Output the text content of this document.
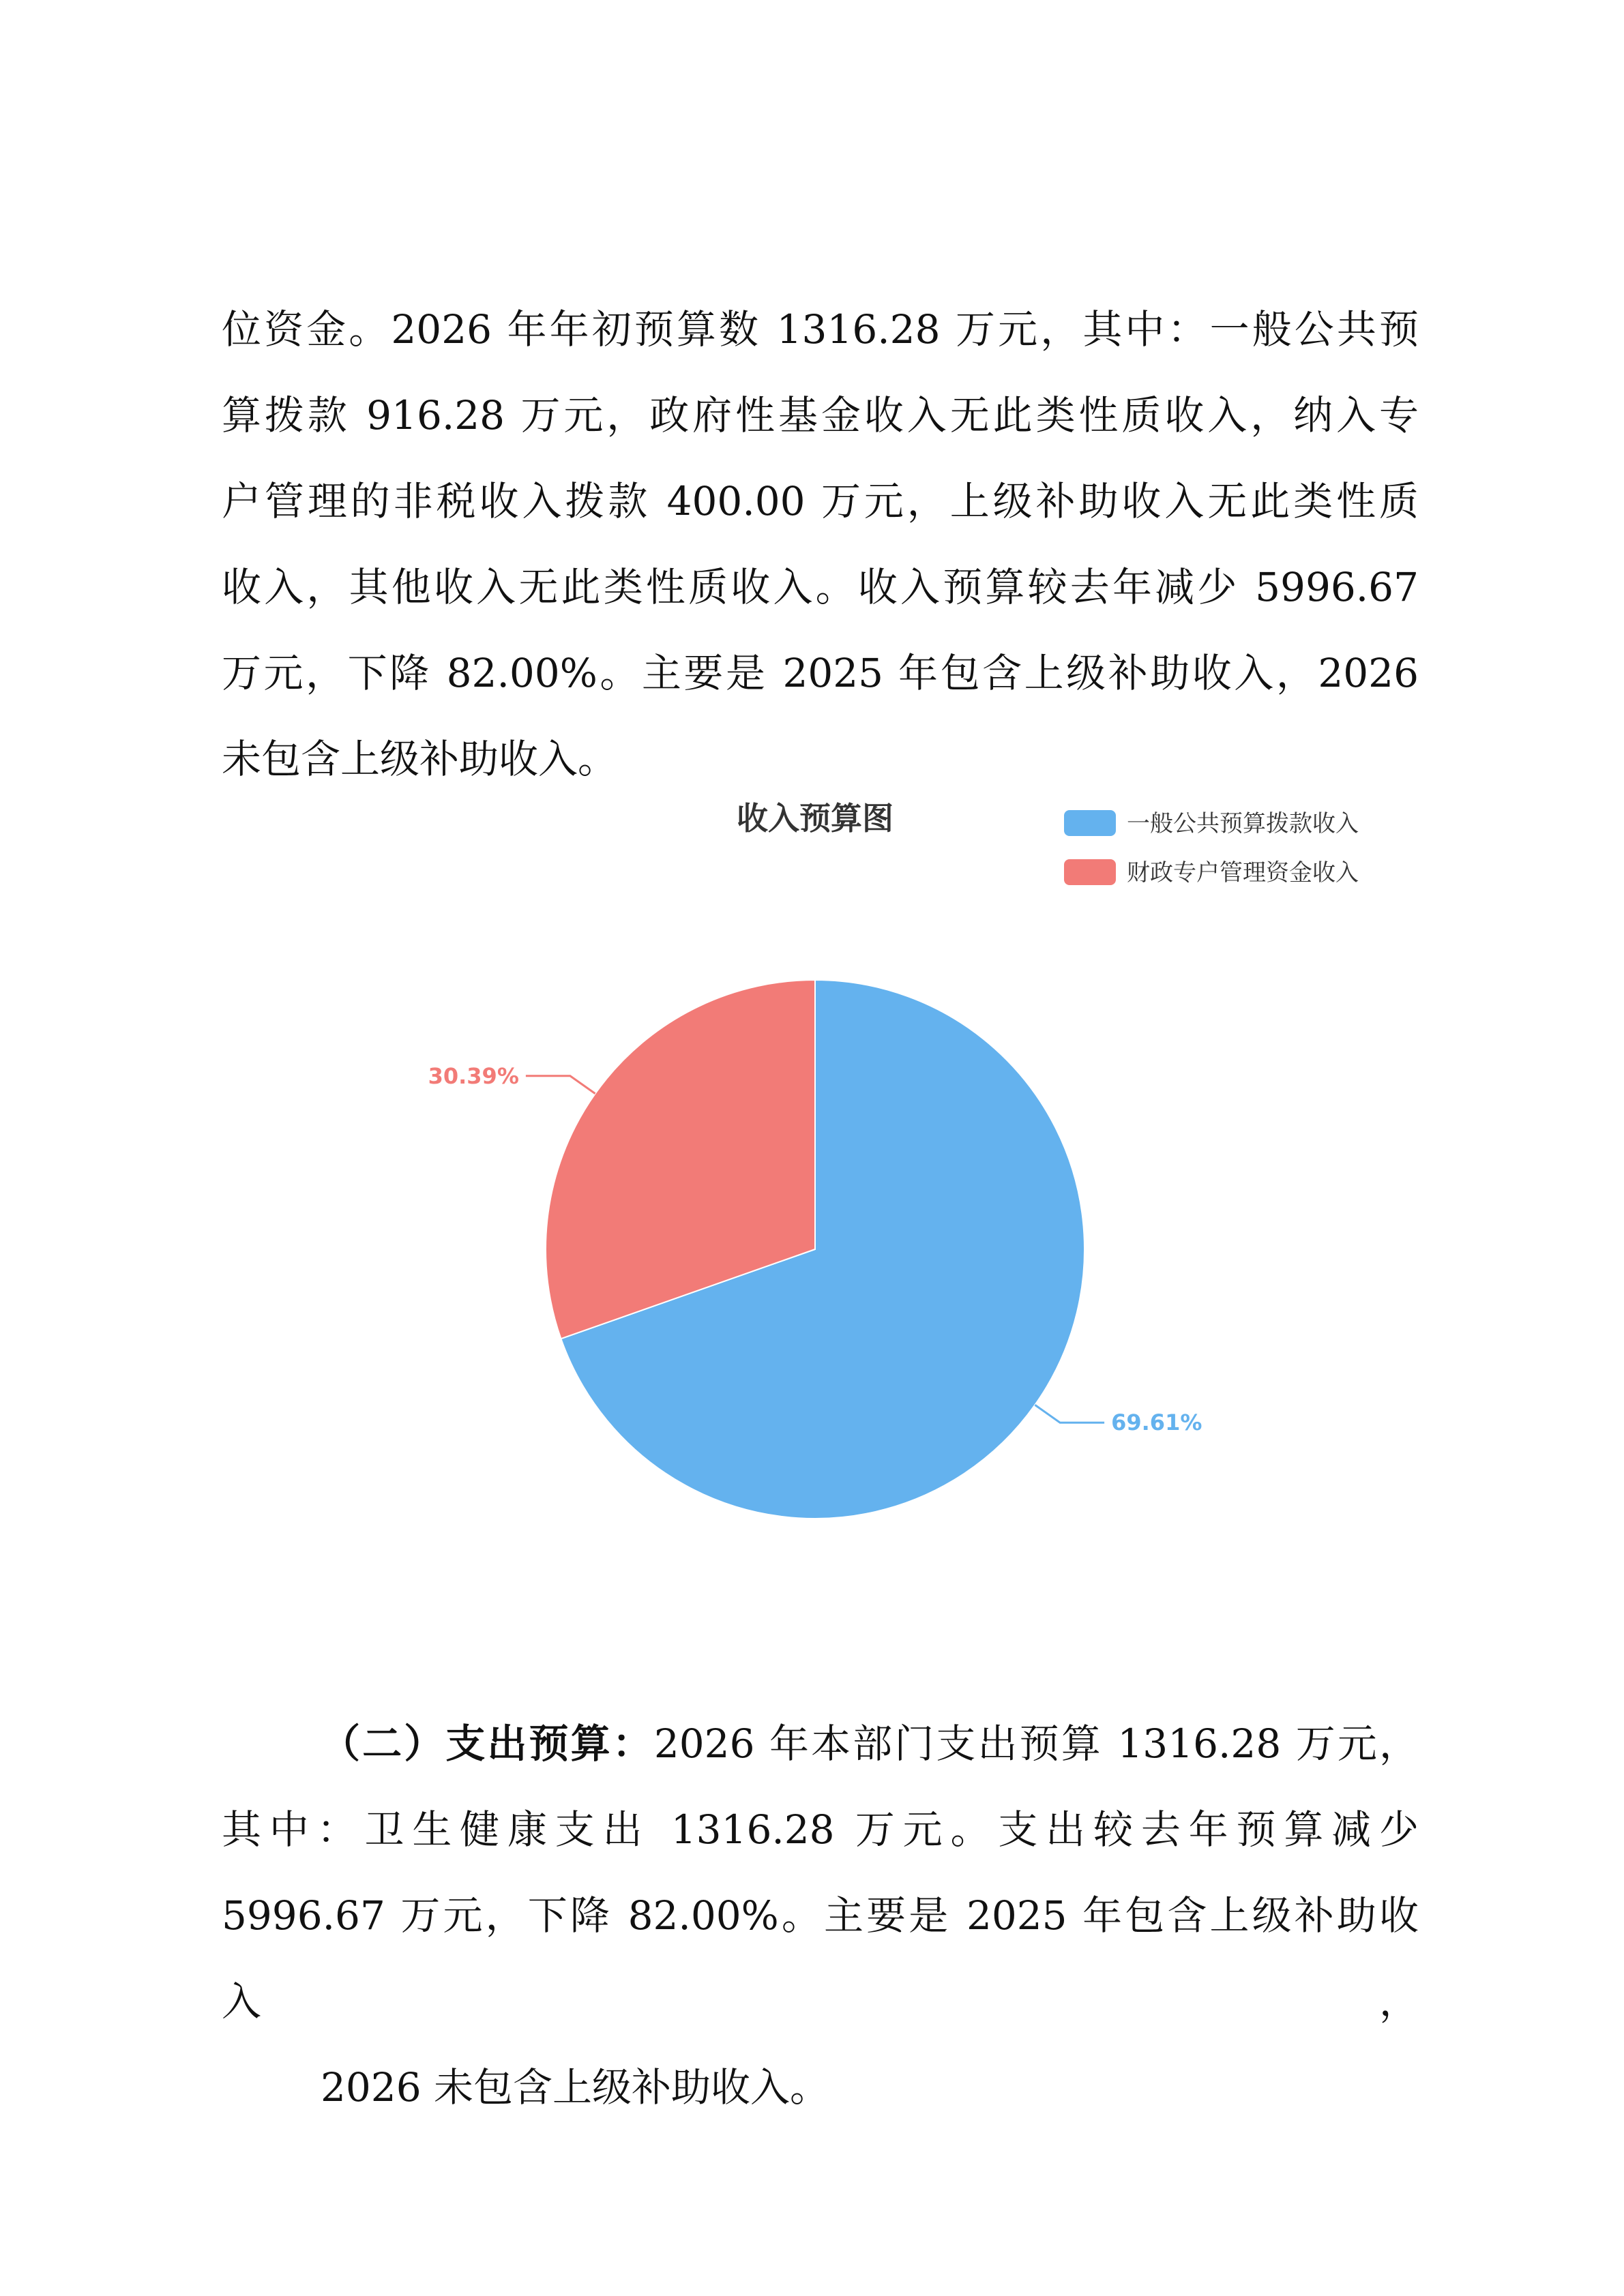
位资金。2026 年年初预算数 1316.28 万元，其中：一般公共预
算拨款 916.28 万元，政府性基金收入无此类性质收入，纳入专
户管理的非税收入拨款 400.00 万元，上级补助收入无此类性质
收入，其他收入无此类性质收入。收入预算较去年减少 5996.67
万元，下降 82.00%。主要是 2025 年包含上级补助收入，2026
未包含上级补助收入。
收入预算图	一般公共预算拨款收入
财政专户管理资金收入
69.61%
30.39%
（二）支出预算：2026 年本部门支出预算 1316.28 万元，
其中：卫生健康支出 1316.28 万元。支出较去年预算减少
5996.67 万元，下降 82.00%。主要是 2025 年包含上级补助收入，
2026 未包含上级补助收入。
